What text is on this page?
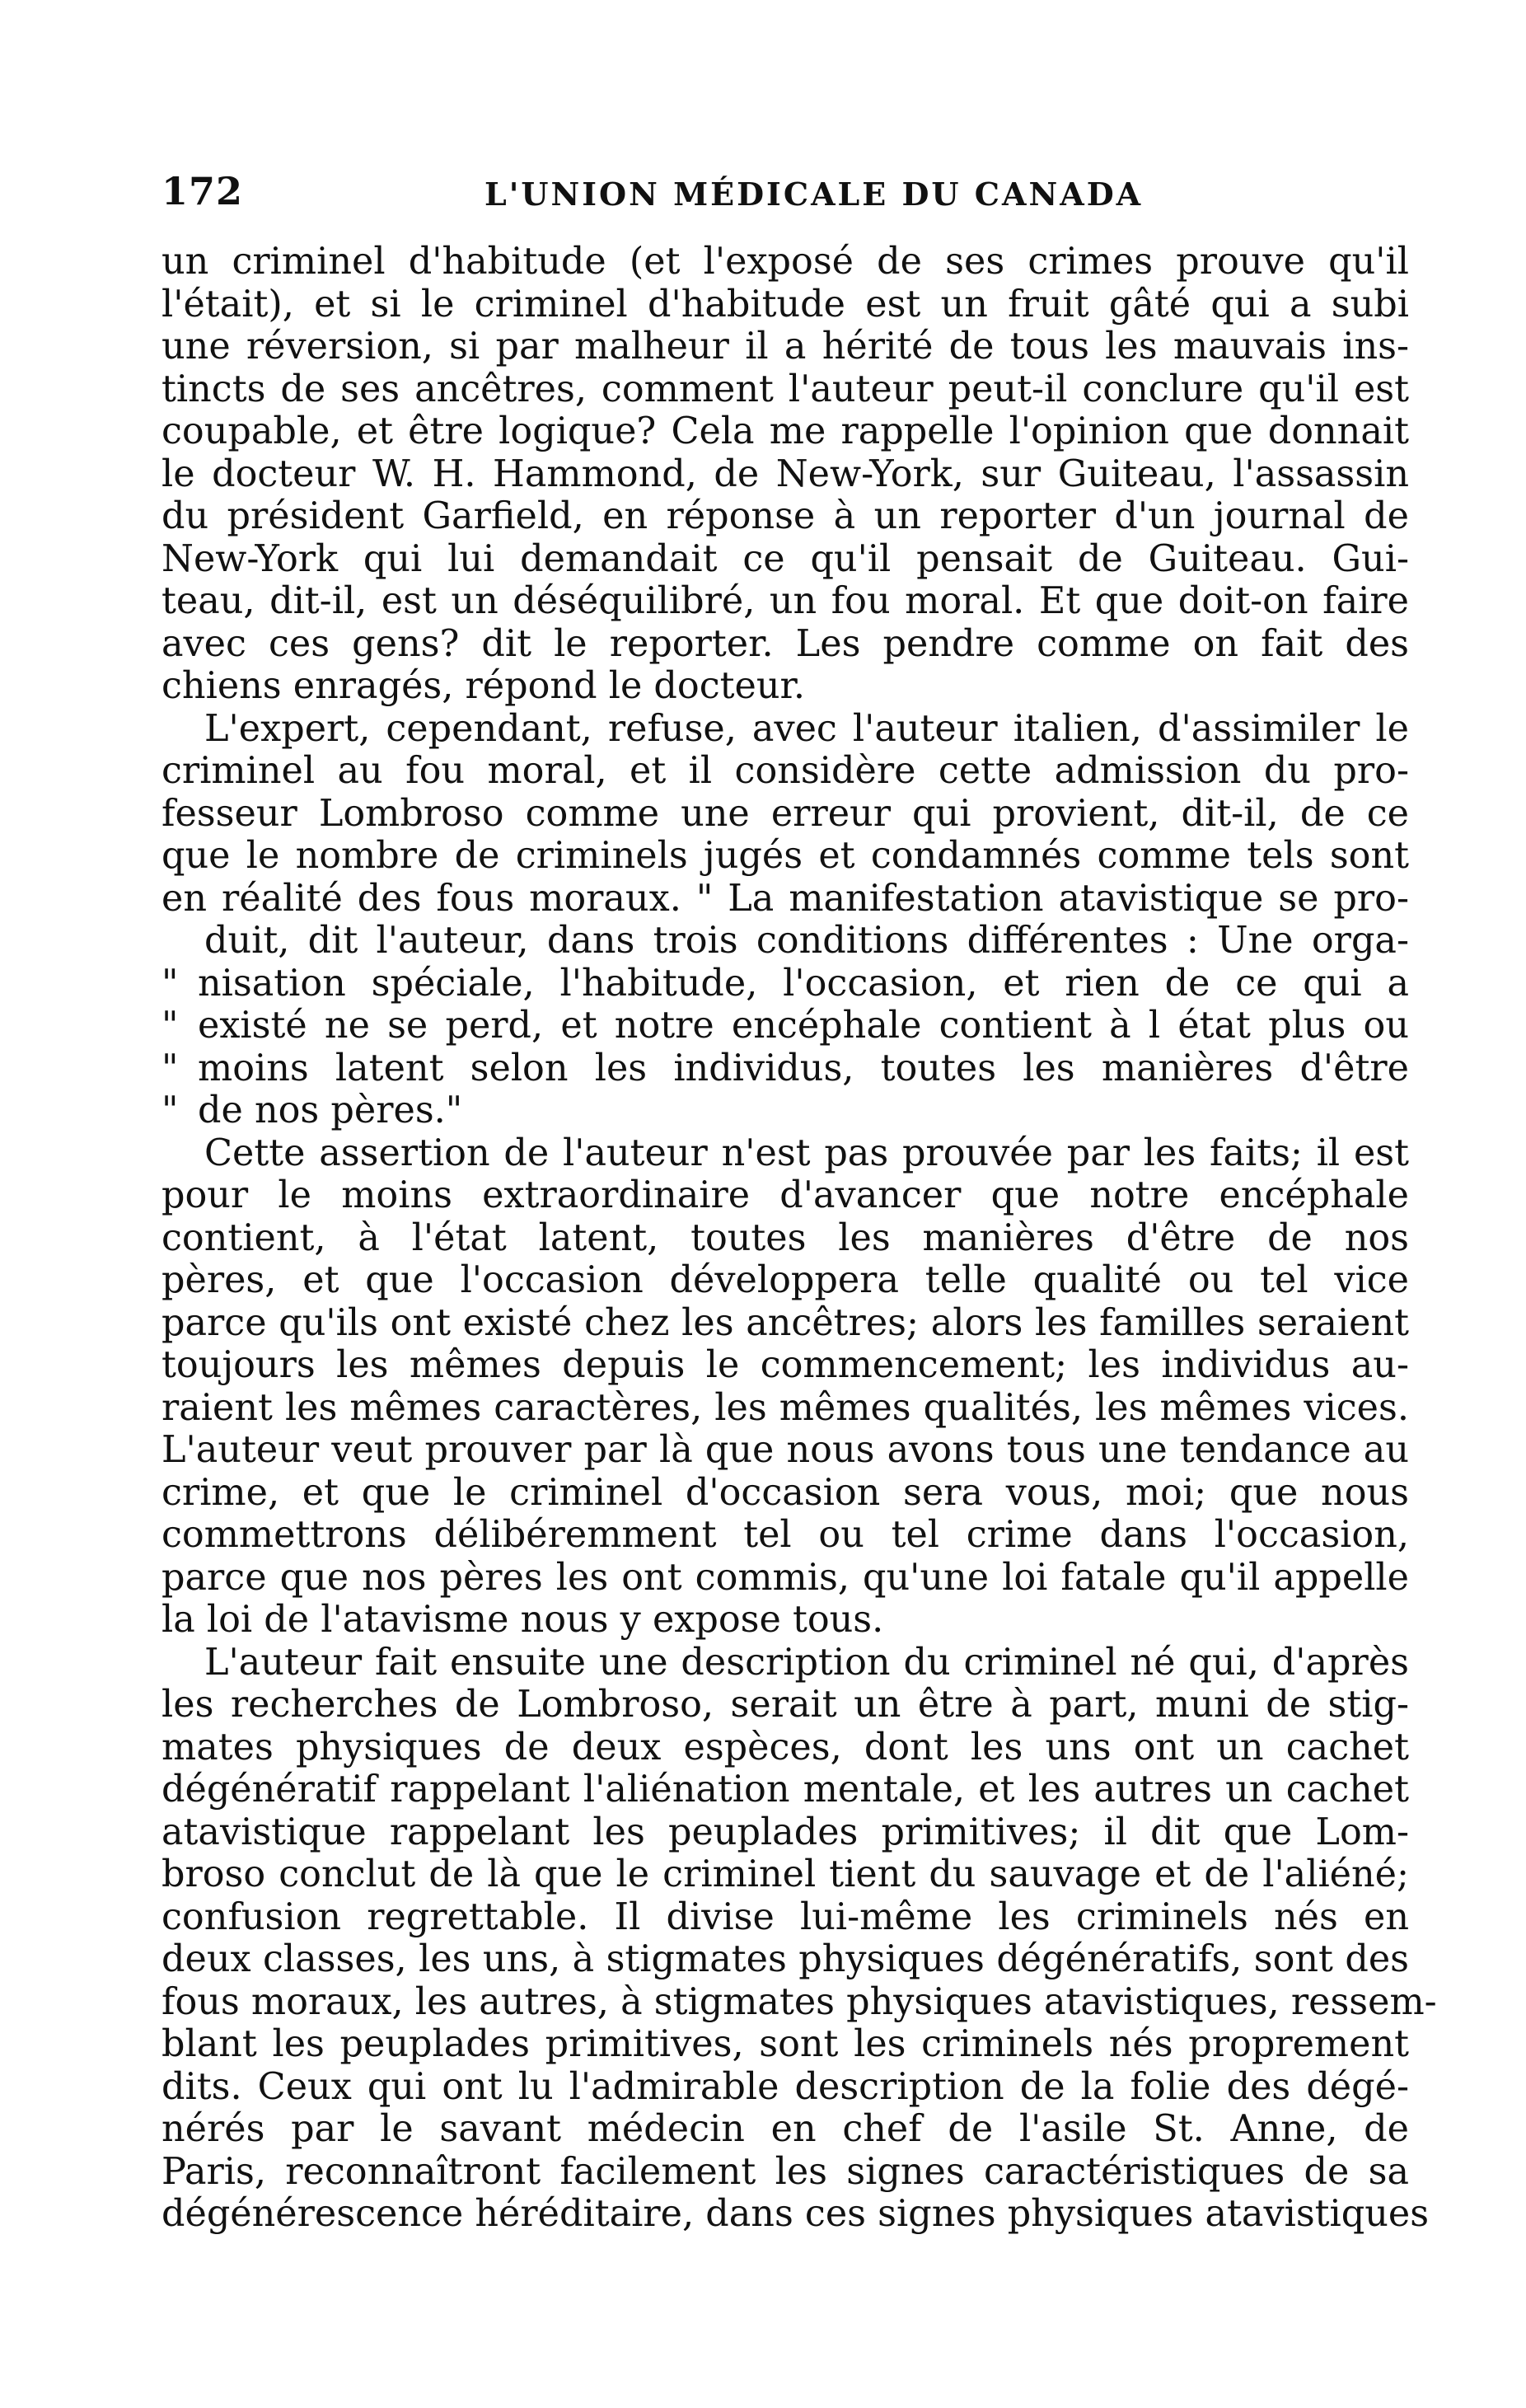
172	L'UNION MÉDICALE DU CANADA
un criminel d'habitude (et l'exposé de ses crimes prouve qu'il
l'était), et si le criminel d'habitude est un fruit gâté qui a subi
une réversion, si par malheur il a hérité de tous les mauvais ins-
tincts de ses ancêtres, comment l'auteur peut-il conclure qu'il est
coupable, et être logique? Cela me rappelle l'opinion que donnait
le docteur W. H. Hammond, de New-York, sur Guiteau, l'assassin
du président Garfield, en réponse à un reporter d'un journal de
New-York qui lui demandait ce qu'il pensait de Guiteau. Gui-
teau, dit-il, est un déséquilibré, un fou moral. Et que doit-on faire
avec ces gens? dit le reporter. Les pendre comme on fait des
chiens enragés, répond le docteur.
L'expert, cependant, refuse, avec l'auteur italien, d'assimiler le
criminel au fou moral, et il considère cette admission du pro-
fesseur Lombroso comme une erreur qui provient, dit-il, de ce
que le nombre de criminels jugés et condamnés comme tels sont
en réalité des fous moraux. " La manifestation atavistique se pro-
duit, dit l'auteur, dans trois conditions différentes : Une orga-
" nisation spéciale, l'habitude, l'occasion, et rien de ce qui a
" existé ne se perd, et notre encéphale contient à l état plus ou
" moins latent selon les individus, toutes les manières d'être
" de nos pères."
Cette assertion de l'auteur n'est pas prouvée par les faits; il est
pour le moins extraordinaire d'avancer que notre encéphale
contient, à l'état latent, toutes les manières d'être de nos
pères, et que l'occasion développera telle qualité ou tel vice
parce qu'ils ont existé chez les ancêtres; alors les familles seraient
toujours les mêmes depuis le commencement; les individus au-
raient les mêmes caractères, les mêmes qualités, les mêmes vices.
L'auteur veut prouver par là que nous avons tous une tendance au
crime, et que le criminel d'occasion sera vous, moi; que nous
commettrons délibéremment tel ou tel crime dans l'occasion,
parce que nos pères les ont commis, qu'une loi fatale qu'il appelle
la loi de l'atavisme nous y expose tous.
L'auteur fait ensuite une description du criminel né qui, d'après
les recherches de Lombroso, serait un être à part, muni de stig-
mates physiques de deux espèces, dont les uns ont un cachet
dégénératif rappelant l'aliénation mentale, et les autres un cachet
atavistique rappelant les peuplades primitives; il dit que Lom-
broso conclut de là que le criminel tient du sauvage et de l'aliéné;
confusion regrettable. Il divise lui-même les criminels nés en
deux classes, les uns, à stigmates physiques dégénératifs, sont des
fous moraux, les autres, à stigmates physiques atavistiques, ressem-
blant les peuplades primitives, sont les criminels nés proprement
dits. Ceux qui ont lu l'admirable description de la folie des dégé-
nérés par le savant médecin en chef de l'asile St. Anne, de
Paris, reconnaîtront facilement les signes caractéristiques de sa
dégénérescence héréditaire, dans ces signes physiques atavistiques
